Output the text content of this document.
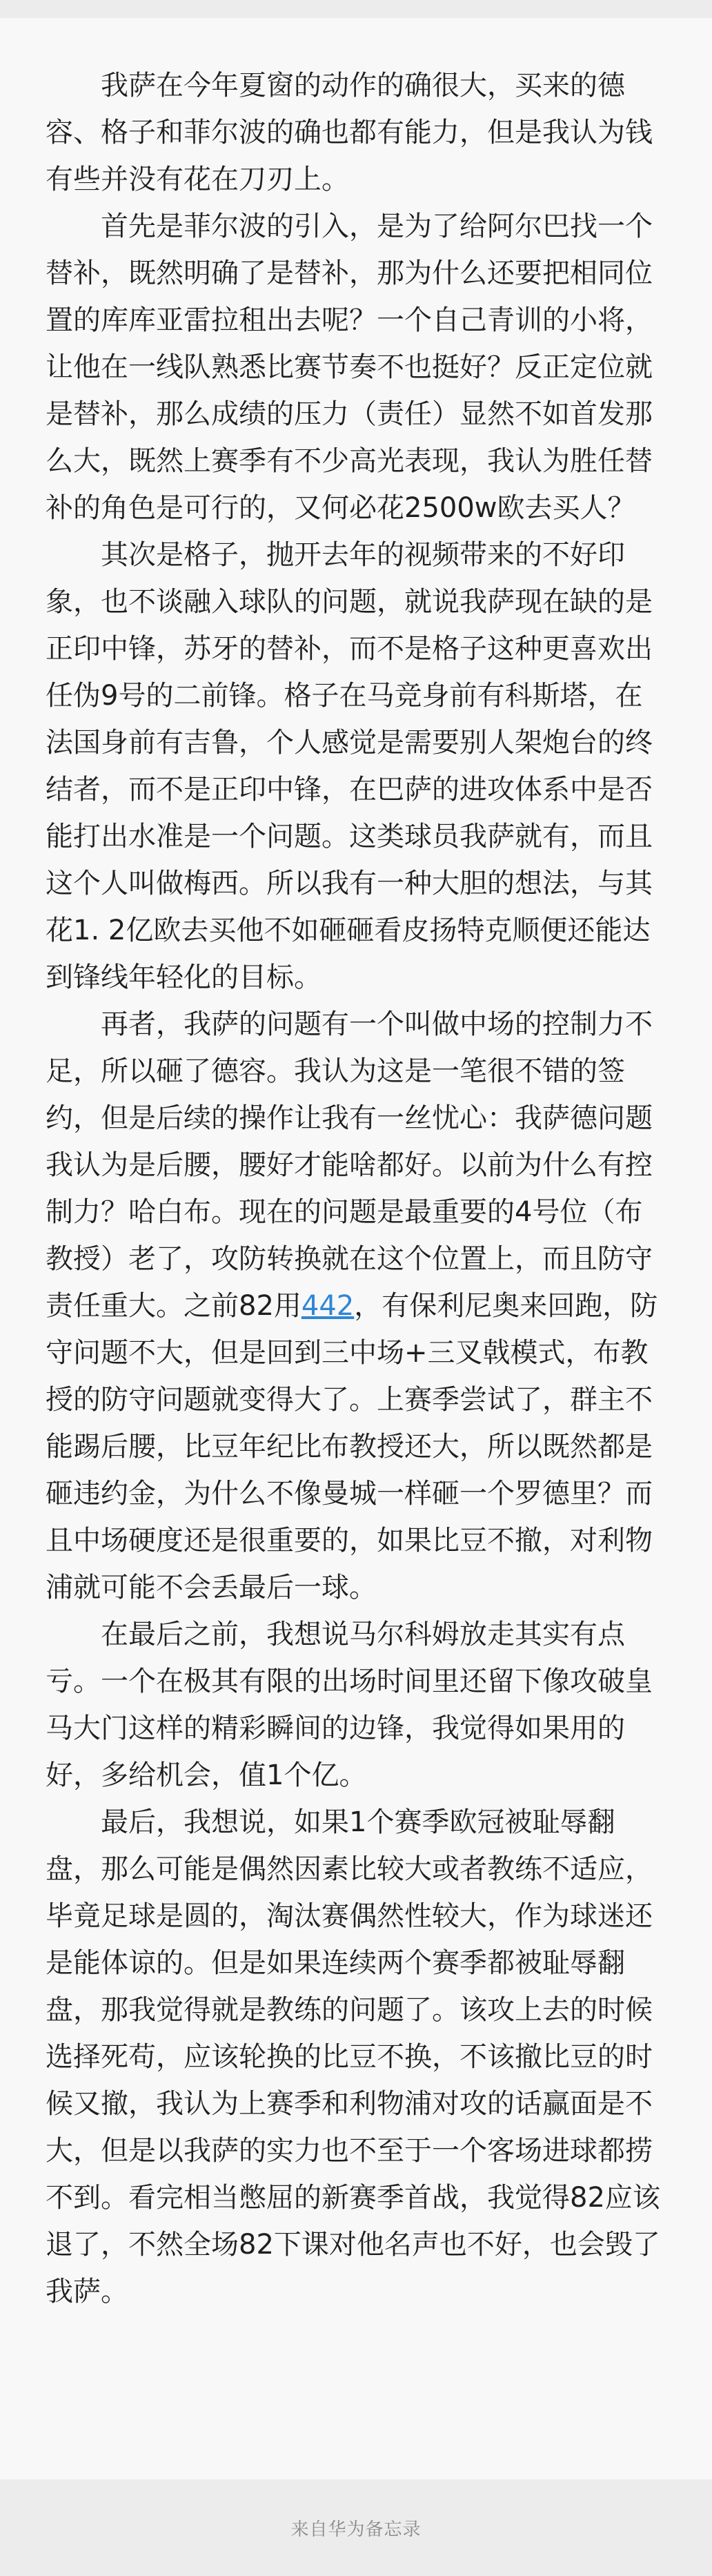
我萨在今年夏窗的动作的确很大，买来的德容、格子和菲尔波的确也都有能力，但是我认为钱有些并没有花在刀刃上。

首先是菲尔波的引入，是为了给阿尔巴找一个替补，既然明确了是替补，那为什么还要把相同位置的库库亚雷拉租出去呢？一个自己青训的小将，让他在一线队熟悉比赛节奏不也挺好？反正定位就是替补，那么成绩的压力（责任）显然不如首发那么大，既然上赛季有不少高光表现，我认为胜任替补的角色是可行的，又何必花2500w欧去买人？

其次是格子，抛开去年的视频带来的不好印象，也不谈融入球队的问题，就说我萨现在缺的是正印中锋，苏牙的替补，而不是格子这种更喜欢出任伪9号的二前锋。格子在马竞身前有科斯塔，在法国身前有吉鲁，个人感觉是需要别人架炮台的终结者，而不是正印中锋，在巴萨的进攻体系中是否能打出水准是一个问题。这类球员我萨就有，而且这个人叫做梅西。所以我有一种大胆的想法，与其花1. 2亿欧去买他不如砸砸看皮扬特克顺便还能达到锋线年轻化的目标。

再者，我萨的问题有一个叫做中场的控制力不足，所以砸了德容。我认为这是一笔很不错的签约，但是后续的操作让我有一丝忧心：我萨德问题我认为是后腰，腰好才能啥都好。以前为什么有控制力？哈白布。现在的问题是最重要的4号位（布教授）老了，攻防转换就在这个位置上，而且防守责任重大。之前82用442，有保利尼奥来回跑，防守问题不大，但是回到三中场+三叉戟模式，布教授的防守问题就变得大了。上赛季尝试了，群主不能踢后腰，比豆年纪比布教授还大，所以既然都是砸违约金，为什么不像曼城一样砸一个罗德里？而且中场硬度还是很重要的，如果比豆不撤，对利物浦就可能不会丢最后一球。

在最后之前，我想说马尔科姆放走其实有点亏。一个在极其有限的出场时间里还留下像攻破皇马大门这样的精彩瞬间的边锋，我觉得如果用的好，多给机会，值1个亿。

最后，我想说，如果1个赛季欧冠被耻辱翻盘，那么可能是偶然因素比较大或者教练不适应，毕竟足球是圆的，淘汰赛偶然性较大，作为球迷还是能体谅的。但是如果连续两个赛季都被耻辱翻盘，那我觉得就是教练的问题了。该攻上去的时候选择死苟，应该轮换的比豆不换，不该撤比豆的时候又撤，我认为上赛季和利物浦对攻的话赢面是不大，但是以我萨的实力也不至于一个客场进球都捞不到。看完相当憋屈的新赛季首战，我觉得82应该退了，不然全场82下课对他名声也不好，也会毁了我萨。

来自华为备忘录
